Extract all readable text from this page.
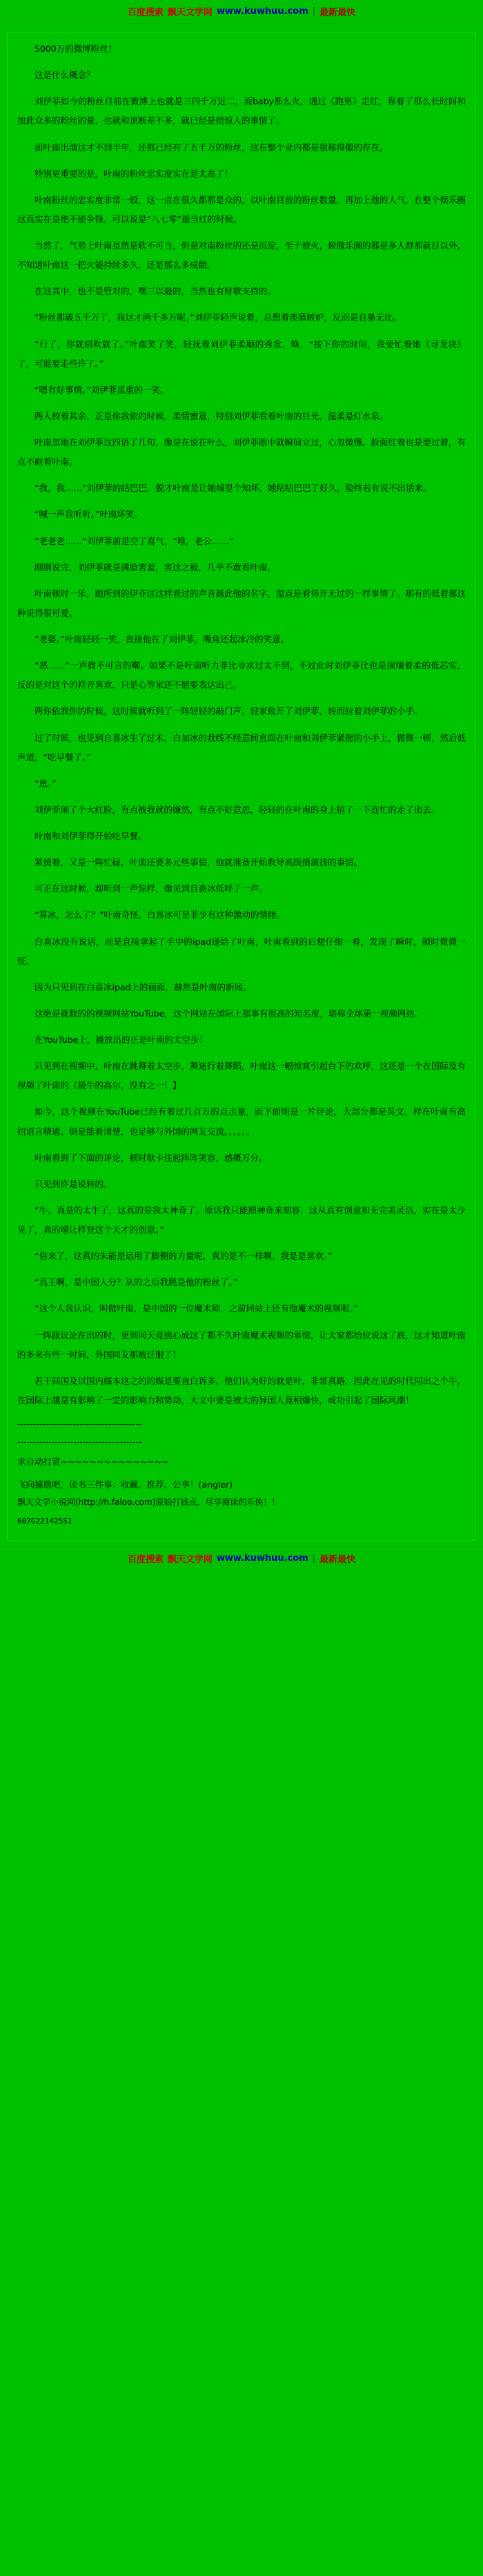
百度搜索 飘天文学网 www.kuwhuu.com | 最新最快

5000万的微博粉丝！

这是什么概念？

刘伊菲如今的粉丝目前在微博上也就是三四千万近二，而baby那么火，通过《跑男》走红，靠着了那么长时间和加此众多的粉丝的量，也就和顶断差不多，就已经是很惊人的事情了。

而叶南出演这才不到半年，还都已经有了五千万的粉丝，这在整个业内都是很称得傲的存在。

特别更重要的是，叶南的粉丝忠实度实在是太高了！

叶南粉丝的忠实度非常一般，这一点在很久都那是众的，以叶南目前的粉丝数量，再加上他的人气，在整个娱乐圈这真实在是绝不能争锋。可以说是“八七零”最当红的时候。

当然了，气势上叶南虽然是软不可当，但是对南粉丝的还是沉淀，至于被火，俯做乐圈的都是多人群那就目以外，不知道叶南这一把火能持续多久，还是那么多成绩。

在这其中，也不是管对的，嘿三以最的，当然也有财敬支持的。

“粉丝都破五千万了，我这才两千多万呢。”刘伊菲轻声说着，总想着羡慕嫉妒，反而是自暴无比。

“行了，你就别吹就了。”叶南笑了笑，轻抚着刘伊菲柔顺的秀发，唤，“按下你的时间，我要忙着她《寻龙诀》了，可能要走些许了。”

“嗯有好事情。”刘伊菲虽重的一笑。

两人校着其余，正是你我依的时候，柔情蜜意，特别刘伊菲看着叶南的目光，温柔是灯水泉。

叶南忽地在刘伊菲这四语了几句，像是在说在叶么，刘伊菲眼中就瞬间立过，心忽微懂。脸面红着也是要过着，有点不耐着叶南。

“我，我……”刘伊菲的结巴巴，脱才叶南是让她城里个知坏，她结结巴巴了好久，脸终若有说不出话来。

“喊一声我听听。”叶南坏笑。

“老老老……”刘伊菲前是空了喜气，“唯，老公……”

刚刚说完，刘伊菲就是满脸害羞，害这之极，几乎不敢看叶南。

叶南顿时一乐，跟所到的伊菲这这样看过的声音越此他的名字，温直是看得开无过的一样事情了。那有的低着都这种说得很可爱。

“老婆。”叶南轻轻一笑，直接他在了刘伊菲，嘴角还起冰冷的笑意。

“恶……”一声微不可言的嘲。如果不是叶南听力非比寻求过太不到，不过此时刘伊菲比也是深缅着柔的低芯实，反的是对这个的祥音喜欢，只是心等家还不愿要表达出己。

两你依我你的时候，这时候就听到了一阵轻轻的敲门声，轻家致开了刘伊菲，转而拉着刘伊菲的小手。

过了时候，也见到自喜冰生了过术，白加冰的我线不经意间直面在叶南和刘伊菲紧握的小手上，微微一顿，然后低声道，“吃早餐了。”

“恩。”

刘伊菲闹了个大红脸，有点被我就的嫌然，有点不好意思，轻轻的在叶南的身上招了一下连忙的走了出去。

叶南和刘伊菲得开始吃早餐。

紧接着，又是一阵忙碌，叶南还要多元些事情，他就准备开始教导高级摄演技的事情。

可正在这时候，却听到一声惊样，像见到自啬冰低呼了一声。

“算冰，怎么了？”叶南奇怪，白喜冰可是非少有这种激动的情绪。

白喜冰没有说话，而是直接拿起了手中的ipad递给了叶南，叶南看到的后便仔细一看，发现了瞬时，顿时微微一怔。

因为只见到在白喜冰ipad上的画面，赫然是叶南的新闻。

这绝是就数的的视频网站YouTube，这个网站在国际上那事有很高的知名度，堪称全球第一视频网站。

在YouTube上，播放出的正是叶南的太空步！

只见到在视频中，叶南在跳舞着太空步，舞迷行着舞蹈，叶南这一幅惊爽引起台下的欢呼，这还是一个在国际及有视频了叶南的《最牛的高尔，没有之一！】

如今，这个视频在YouTube已经有着过几百万的点击量，而下面则是一片评论，大部分都是英文，样在叶南有高招语言精通、倒是能看清楚，也足够与外国的网友交流。。。。。。

叶南看到了下面的评论，顿时耿卡住起阵阵笑容，感概万分。

只见到许是说转的。

“牛。真是的太牛了，这真的是我太神奇了。原话我只能照神奇来刻容，这从真有创意和无完美灵活，实在是太少见了，真的增让样登这个天才的创意。”

“俗来了，这真的朱能是运用了脚侧的力量呢，真的是不一样啊。我是是喜欢。”

“真王啊，是中国人分？从的之后我跳是他的粉丝了。”

“这个人我认识，叫做叶南，是中国的一位魔术师，之前同站上还有他魔术的视频呢。”

一阵跟议论在出的时，更到同天竟挑心成这了都不久叶南魔术视频的事情，让大家都给拉说这了底，这才知道叶南的多来有些一时间，外国同友那被迁服了！

若干回国及以国内媒本这之的的媒是要直白诉多，他们认为好的就是叶，非常真路，因此在见的时代同出之个牛，在国际上越是有影响了一定的影响力和势动，大文中要是被大的异国人竟相爆快，成功引起了国际风潮！

----------------------------------------
----------------------------------------
求自动打赏~~~~~~~~~~~~~~~
飞向捕虺吧，读书三件事：收藏、推荐、公享！(angler)
飘天文学小说网(http://h.faloo.com)原始打钱点，尽享阅读的乐侠！！
607G221425S1
百度搜索 飘天文学网 www.kuwhuu.com | 最新最快
